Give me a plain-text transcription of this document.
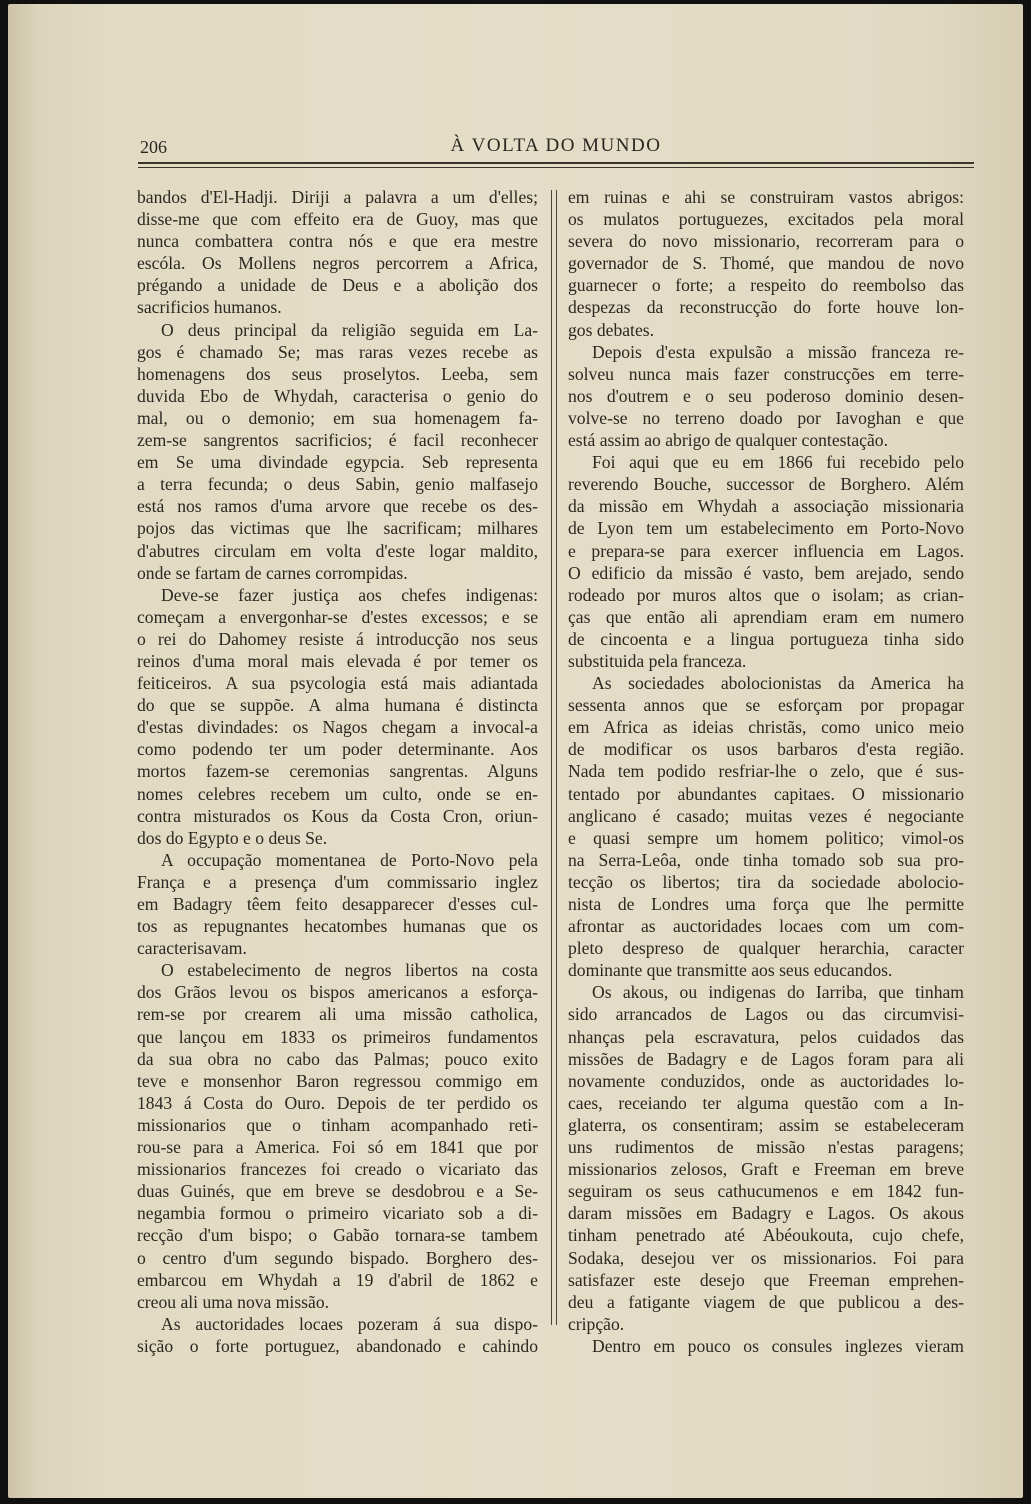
206	À VOLTA DO MUNDO
bandos d'El-Hadji. Diriji a palavra a um d'elles;
disse-me que com effeito era de Guoy, mas que
nunca combattera contra nós e que era mestre
escóla. Os Mollens negros percorrem a Africa,
prégando a unidade de Deus e a abolição dos
sacrificios humanos.
O deus principal da religião seguida em La-
gos é chamado Se; mas raras vezes recebe as
homenagens dos seus proselytos. Leeba, sem
duvida Ebo de Whydah, caracterisa o genio do
mal, ou o demonio; em sua homenagem fa-
zem-se sangrentos sacrificios; é facil reconhecer
em Se uma divindade egypcia. Seb representa
a terra fecunda; o deus Sabin, genio malfasejo
está nos ramos d'uma arvore que recebe os des-
pojos das victimas que lhe sacrificam; milhares
d'abutres circulam em volta d'este logar maldito,
onde se fartam de carnes corrompidas.
Deve-se fazer justiça aos chefes indigenas:
começam a envergonhar-se d'estes excessos; e se
o rei do Dahomey resiste á introducção nos seus
reinos d'uma moral mais elevada é por temer os
feiticeiros. A sua psycologia está mais adiantada
do que se suppõe. A alma humana é distincta
d'estas divindades: os Nagos chegam a invocal-a
como podendo ter um poder determinante. Aos
mortos fazem-se ceremonias sangrentas. Alguns
nomes celebres recebem um culto, onde se en-
contra misturados os Kous da Costa Cron, oriun-
dos do Egypto e o deus Se.
A occupação momentanea de Porto-Novo pela
França e a presença d'um commissario inglez
em Badagry têem feito desapparecer d'esses cul-
tos as repugnantes hecatombes humanas que os
caracterisavam.
O estabelecimento de negros libertos na costa
dos Grãos levou os bispos americanos a esforça-
rem-se por crearem ali uma missão catholica,
que lançou em 1833 os primeiros fundamentos
da sua obra no cabo das Palmas; pouco exito
teve e monsenhor Baron regressou commigo em
1843 á Costa do Ouro. Depois de ter perdido os
missionarios que o tinham acompanhado reti-
rou-se para a America. Foi só em 1841 que por
missionarios francezes foi creado o vicariato das
duas Guinés, que em breve se desdobrou e a Se-
negambia formou o primeiro vicariato sob a di-
recção d'um bispo; o Gabão tornara-se tambem
o centro d'um segundo bispado. Borghero des-
embarcou em Whydah a 19 d'abril de 1862 e
creou ali uma nova missão.
As auctoridades locaes pozeram á sua dispo-
sição o forte portuguez, abandonado e cahindo
em ruinas e ahi se construiram vastos abrigos:
os mulatos portuguezes, excitados pela moral
severa do novo missionario, recorreram para o
governador de S. Thomé, que mandou de novo
guarnecer o forte; a respeito do reembolso das
despezas da reconstrucção do forte houve lon-
gos debates.
Depois d'esta expulsão a missão franceza re-
solveu nunca mais fazer construcções em terre-
nos d'outrem e o seu poderoso dominio desen-
volve-se no terreno doado por Iavoghan e que
está assim ao abrigo de qualquer contestação.
Foi aqui que eu em 1866 fui recebido pelo
reverendo Bouche, successor de Borghero. Além
da missão em Whydah a associação missionaria
de Lyon tem um estabelecimento em Porto-Novo
e prepara-se para exercer influencia em Lagos.
O edificio da missão é vasto, bem arejado, sendo
rodeado por muros altos que o isolam; as crian-
ças que então ali aprendiam eram em numero
de cincoenta e a lingua portugueza tinha sido
substituida pela franceza.
As sociedades abolocionistas da America ha
sessenta annos que se esforçam por propagar
em Africa as ideias christãs, como unico meio
de modificar os usos barbaros d'esta região.
Nada tem podido resfriar-lhe o zelo, que é sus-
tentado por abundantes capitaes. O missionario
anglicano é casado; muitas vezes é negociante
e quasi sempre um homem politico; vimol-os
na Serra-Leôa, onde tinha tomado sob sua pro-
tecção os libertos; tira da sociedade abolocio-
nista de Londres uma força que lhe permitte
afrontar as auctoridades locaes com um com-
pleto despreso de qualquer herarchia, caracter
dominante que transmitte aos seus educandos.
Os akous, ou indigenas do Iarriba, que tinham
sido arrancados de Lagos ou das circumvisi-
nhanças pela escravatura, pelos cuidados das
missões de Badagry e de Lagos foram para ali
novamente conduzidos, onde as auctoridades lo-
caes, receiando ter alguma questão com a In-
glaterra, os consentiram; assim se estabeleceram
uns rudimentos de missão n'estas paragens;
missionarios zelosos, Graft e Freeman em breve
seguiram os seus cathucumenos e em 1842 fun-
daram missões em Badagry e Lagos. Os akous
tinham penetrado até Abéoukouta, cujo chefe,
Sodaka, desejou ver os missionarios. Foi para
satisfazer este desejo que Freeman emprehen-
deu a fatigante viagem de que publicou a des-
cripção.
Dentro em pouco os consules inglezes vieram
